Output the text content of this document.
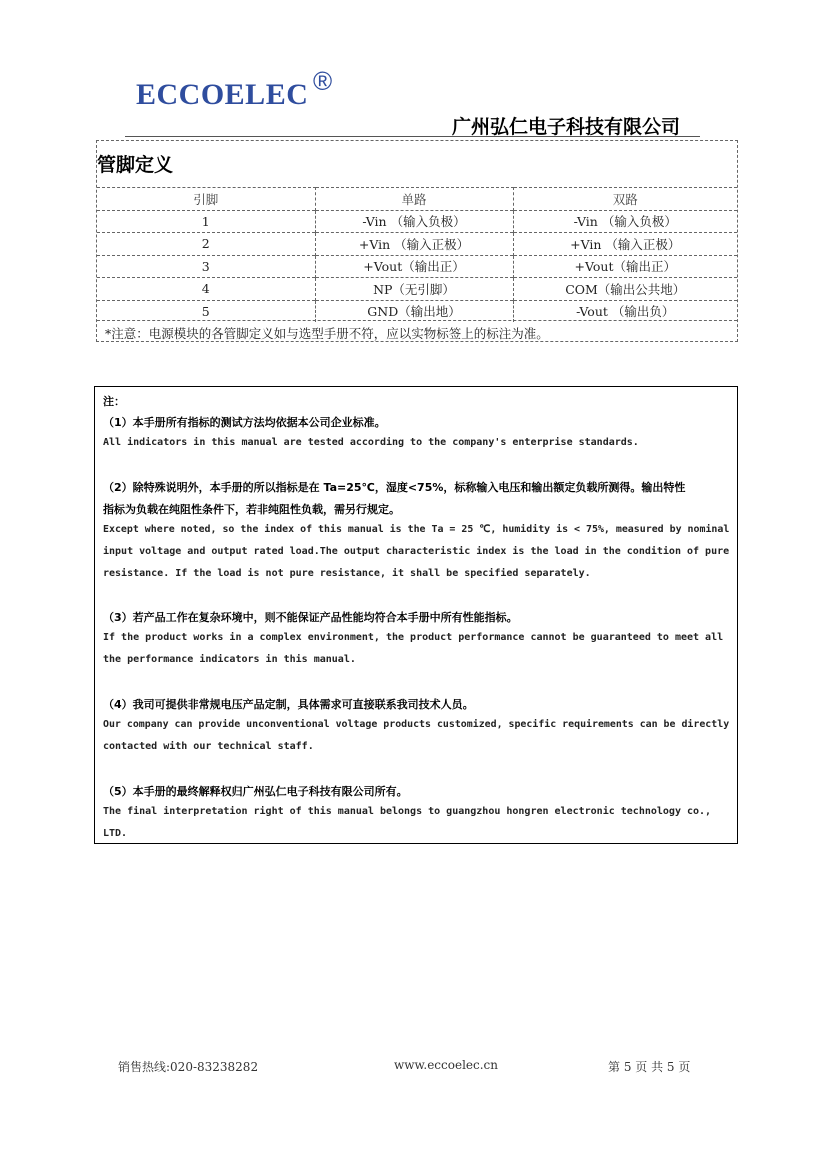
ECCOELEC ®
广州弘仁电子科技有限公司
管脚定义
引脚	单路	双路
1	-Vin （输入负极）	-Vin （输入负极）
2	+Vin （输入正极）	+Vin （输入正极）
3	+Vout（输出正）	+Vout（输出正）
4	NP（无引脚）	COM（输出公共地）
5	GND（输出地）	-Vout （输出负）
*注意：电源模块的各管脚定义如与选型手册不符，应以实物标签上的标注为准。
注：
（1）本手册所有指标的测试方法均依据本公司企业标准。
All indicators in this manual are tested according to the company's enterprise standards.
（2）除特殊说明外，本手册的所以指标是在 Ta=25℃，湿度<75%，标称输入电压和输出额定负载所测得。输出特性
指标为负载在纯阻性条件下，若非纯阻性负载，需另行规定。
Except where noted, so the index of this manual is the Ta = 25 ℃, humidity is < 75%, measured by nominal
input voltage and output rated load.The output characteristic index is the load in the condition of pure
resistance. If the load is not pure resistance, it shall be specified separately.
（3）若产品工作在复杂环境中，则不能保证产品性能均符合本手册中所有性能指标。
If the product works in a complex environment, the product performance cannot be guaranteed to meet all
the performance indicators in this manual.
（4）我司可提供非常规电压产品定制，具体需求可直接联系我司技术人员。
Our company can provide unconventional voltage products customized, specific requirements can be directly
contacted with our technical staff.
（5）本手册的最终解释权归广州弘仁电子科技有限公司所有。
The final interpretation right of this manual belongs to guangzhou hongren electronic technology co.,
LTD.
销售热线:020-83238282	www.eccoelec.cn	第 5 页 共 5 页
